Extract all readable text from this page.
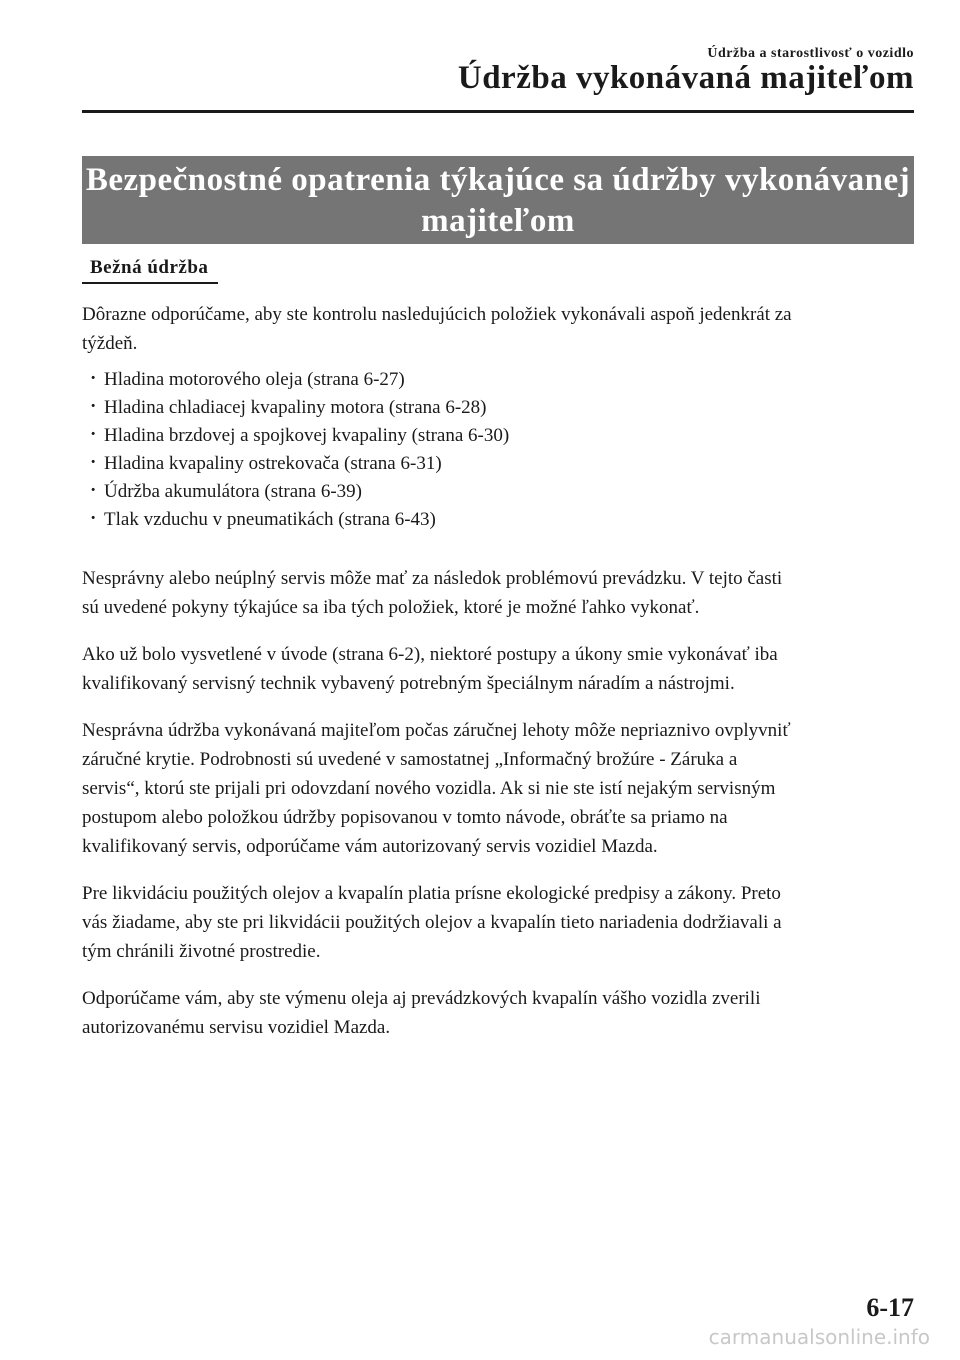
Údržba a starostlivosť o vozidlo
Údržba vykonávaná majiteľom
Bezpečnostné opatrenia týkajúce sa údržby vykonávanej
majiteľom
Bežná údržba

Dôrazne odporúčame, aby ste kontrolu nasledujúcich položiek vykonávali aspoň jedenkrát za
týždeň.

· Hladina motorového oleja (strana 6-27)
· Hladina chladiacej kvapaliny motora (strana 6-28)
· Hladina brzdovej a spojkovej kvapaliny (strana 6-30)
· Hladina kvapaliny ostrekovača (strana 6-31)
· Údržba akumulátora (strana 6-39)
· Tlak vzduchu v pneumatikách (strana 6-43)

Nesprávny alebo neúplný servis môže mať za následok problémovú prevádzku. V tejto časti
sú uvedené pokyny týkajúce sa iba tých položiek, ktoré je možné ľahko vykonať.

Ako už bolo vysvetlené v úvode (strana 6-2), niektoré postupy a úkony smie vykonávať iba
kvalifikovaný servisný technik vybavený potrebným špeciálnym náradím a nástrojmi.

Nesprávna údržba vykonávaná majiteľom počas záručnej lehoty môže nepriaznivo ovplyvniť
záručné krytie. Podrobnosti sú uvedené v samostatnej „Informačný brožúre - Záruka a
servis“, ktorú ste prijali pri odovzdaní nového vozidla. Ak si nie ste istí nejakým servisným
postupom alebo položkou údržby popisovanou v tomto návode, obráťte sa priamo na
kvalifikovaný servis, odporúčame vám autorizovaný servis vozidiel Mazda.

Pre likvidáciu použitých olejov a kvapalín platia prísne ekologické predpisy a zákony. Preto
vás žiadame, aby ste pri likvidácii použitých olejov a kvapalín tieto nariadenia dodržiavali a
tým chránili životné prostredie.

Odporúčame vám, aby ste výmenu oleja aj prevádzkových kvapalín vášho vozidla zverili
autorizovanému servisu vozidiel Mazda.

6-17
carmanualsonline.info
